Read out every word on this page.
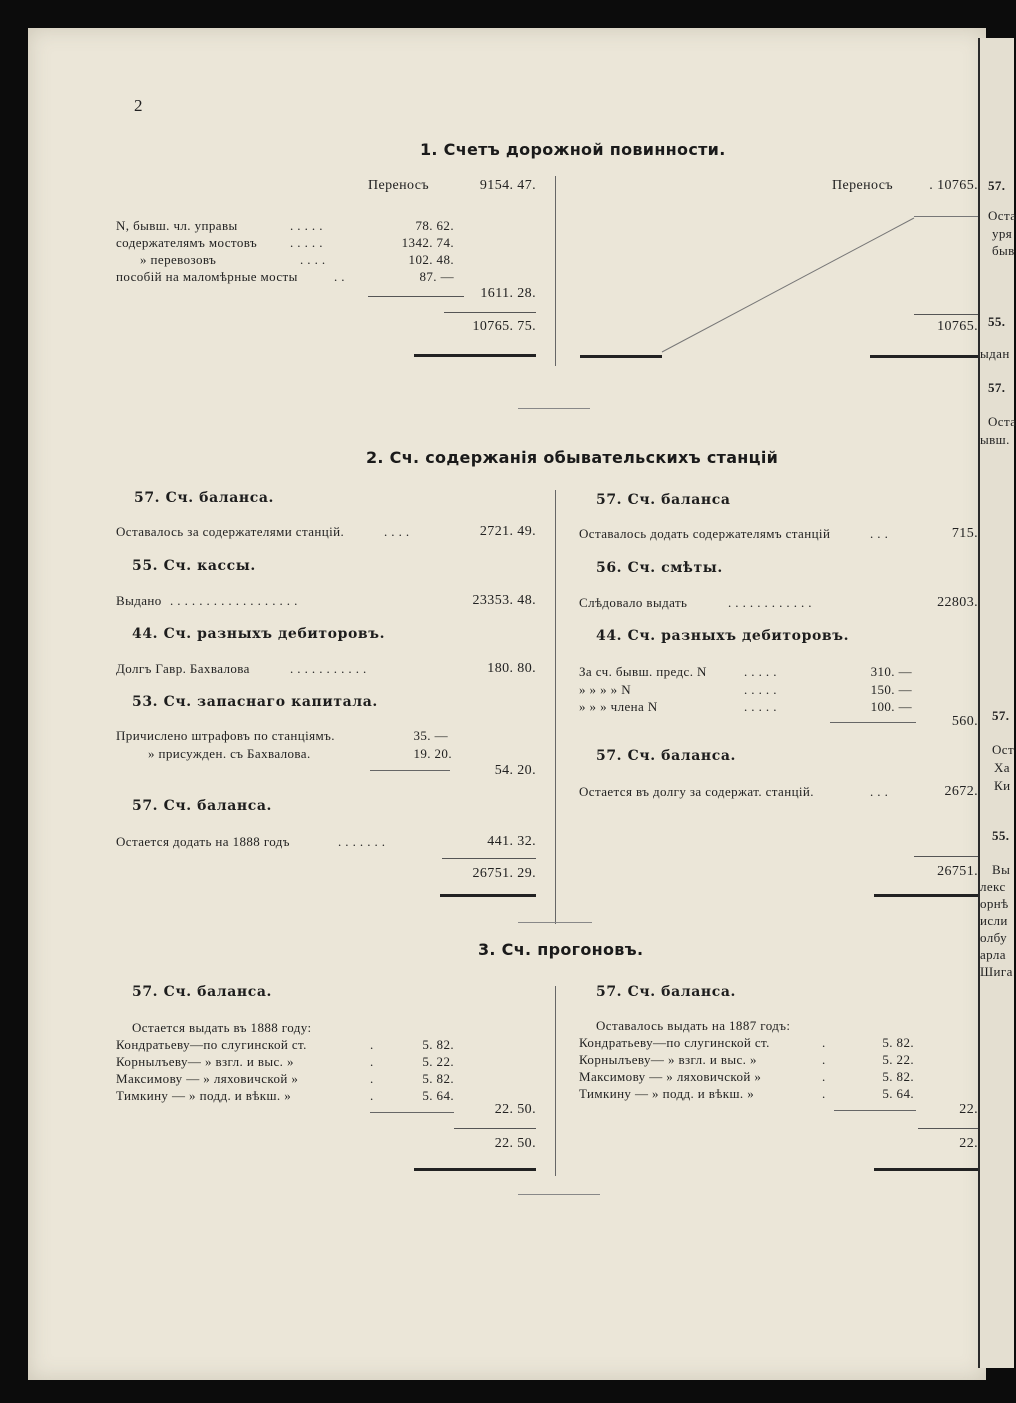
2
1. Счетъ дорожной повинности.
Переносъ	9154. 47.
N, бывш. чл. управы	. . . . .	78. 62.
содержателямъ мостовъ	. . . . .	1342. 74.
» перевозовъ	. . . .	102. 48.
пособій на маломѣрные мосты	. .	87. —
1611. 28.
10765. 75.
Переносъ	. 10765.
10765.
2. Сч. содержанія обывательскихъ станцій
57. Сч. баланса.
Оставалось за содержателями станцій.	. . . .	2721. 49.
55. Сч. кассы.
Выдано . . . . . . . . . . . . . . . . . .	23353. 48.
44. Сч. разныхъ дебиторовъ.
Долгъ Гавр. Бахвалова	. . . . . . . . . . .	180. 80.
53. Сч. запаснаго капитала.
Причислено штрафовъ по станціямъ.	35. —
» присужден. съ Бахвалова.	19. 20.
54. 20.
57. Сч. баланса.
Остается додать на 1888 годъ	. . . . . . .	441. 32.
26751. 29.
57. Сч. баланса
Оставалось додать содержателямъ станцій	. . .	715.
56. Сч. смѣты.
Слѣдовало выдать	. . . . . . . . . . . .	22803.
44. Сч. разныхъ дебиторовъ.
За сч. бывш. предс. N	. . . . .	310. —
» » » » N	. . . . .	150. —
» » » члена N	. . . . .	100. —
560.
57. Сч. баланса.
Остается въ долгу за содержат. станцій.	. . .	2672.
26751.
3. Сч. прогоновъ.
57. Сч. баланса.
Остается выдать въ 1888 году:
Кондратьеву—по слугинской ст.	.	5. 82.
Корнылъеву— » взгл. и выс. »	.	5. 22.
Максимову — » ляховичской »	.	5. 82.
Тимкину — » подд. и вѣкш. »	.	5. 64.
22. 50.
22. 50.
57. Сч. баланса.
Оставалось выдать на 1887 годъ:
Кондратьеву—по слугинской ст.	.	5. 82.
Корнылъеву— » взгл. и выс. »	.	5. 22.
Максимову — » ляховичской »	.	5. 82.
Тимкину — » подд. и вѣкш. »	.	5. 64.
22.
22.
57.
Оста
уря
быв
55.
ыдан
57.
Оста
ывш.
57.
Ост
Ха
Ки
55.
Вы
лекс
орнѣ
исли
олбу
арла
Шига
